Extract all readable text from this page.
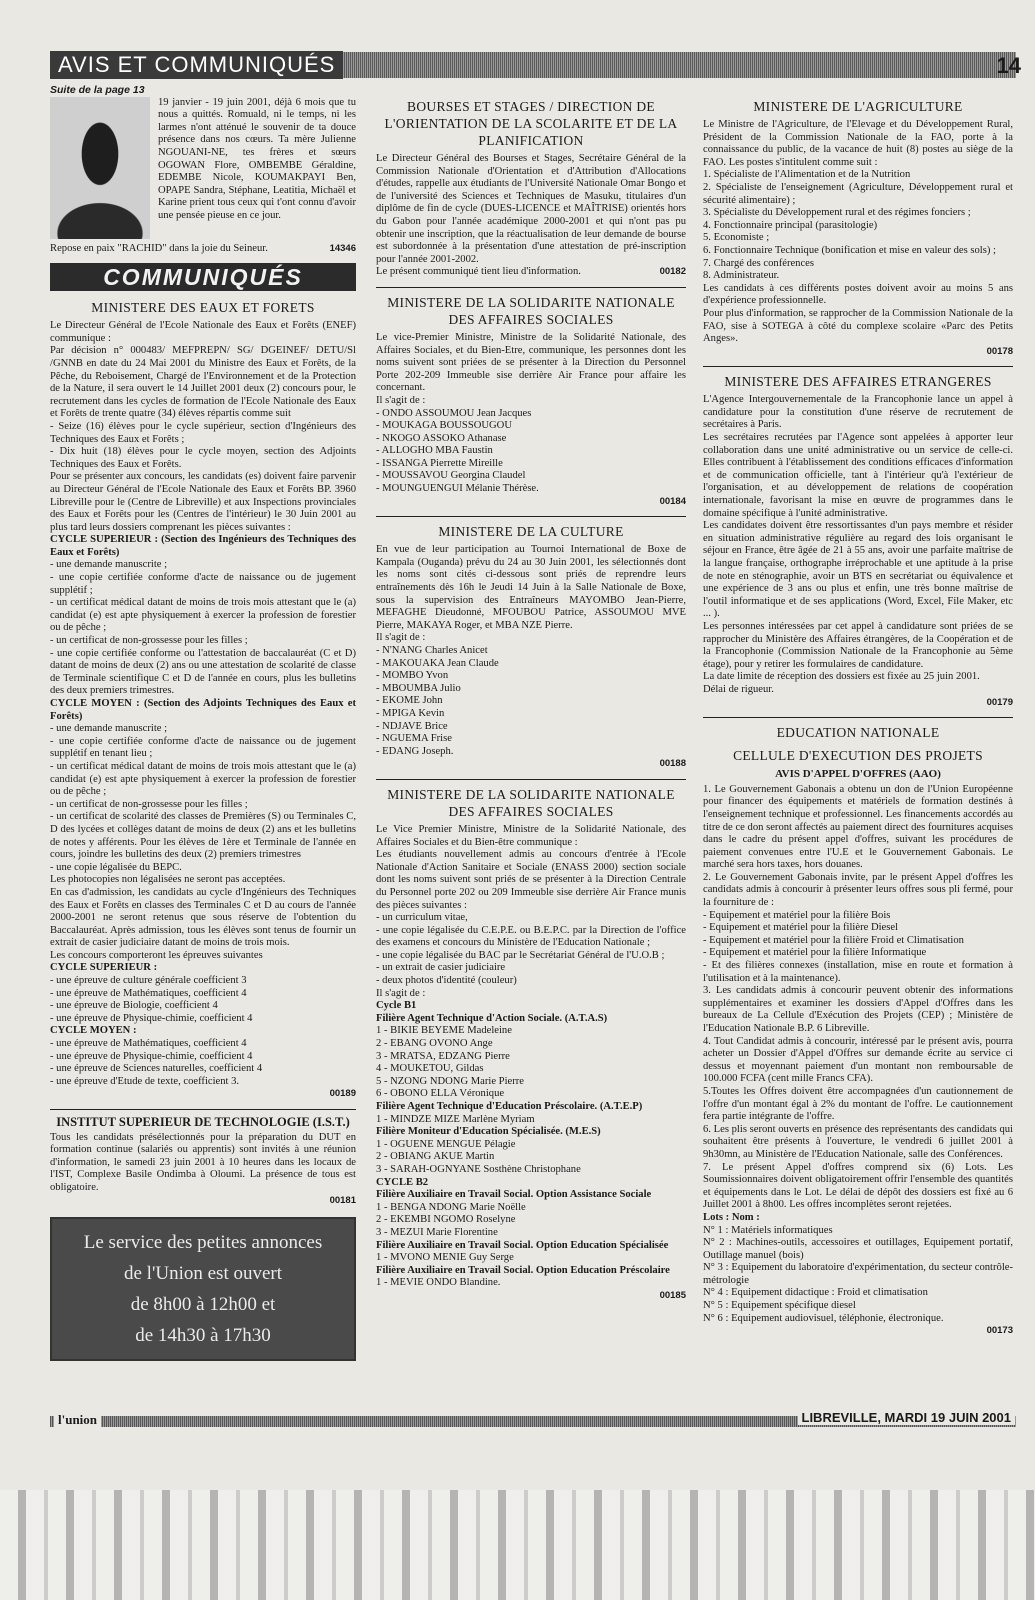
AVIS ET COMMUNIQUÉS	14

Suite de la page 13

19 janvier - 19 juin 2001, déjà 6 mois que tu nous a quittés. Romuald, ni le temps, ni les larmes n'ont atténué le souvenir de ta douce présence dans nos cœurs. Ta mère Julienne NGOUANI-NE, tes frères et sœurs OGOWAN Flore, OMBEMBE Géraldine, EDEMBE Nicole, KOUMAKPAYI Ben, OPAPE Sandra, Stéphane, Leatitia, Michaël et Karine prient tous ceux qui t'ont connu d'avoir une pensée pieuse en ce jour.

Repose en paix "RACHID" dans la joie du Seineur.	14346

COMMUNIQUÉS
MINISTERE DES EAUX ET FORETS

Le Directeur Général de l'Ecole Nationale des Eaux et Forêts (ENEF) communique :

Par décision n° 000483/ MEFPREPN/ SG/ DGEINEF/ DETU/Sl /GNNB en date du 24 Mai 2001 du Ministre des Eaux et Forêts, de la Pêche, du Reboisement, Chargé de l'Environnement et de la Protection de la Nature, il sera ouvert le 14 Juillet 2001 deux (2) concours pour, le recrutement dans les cycles de formation de l'Ecole Nationale des Eaux et Forêts de trente quatre (34) élèves répartis comme suit

- Seize (16) élèves pour le cycle supérieur, section d'Ingénieurs des Techniques des Eaux et Forêts ;

- Dix huit (18) élèves pour le cycle moyen, section des Adjoints Techniques des Eaux et Forêts.

Pour se présenter aux concours, les candidats (es) doivent faire parvenir au Directeur Général de l'Ecole Nationale des Eaux et Forêts BP. 3960 Libreville pour le (Centre de Libreville) et aux Inspections provinciales des Eaux et Forêts pour les (Centres de l'intérieur) le 30 Juin 2001 au plus tard leurs dossiers comprenant les pièces suivantes :

CYCLE SUPERIEUR : (Section des Ingénieurs des Techniques des Eaux et Forêts)

- une demande manuscrite ;

- une copie certifiée conforme d'acte de naissance ou de jugement supplétif ;

- un certificat médical datant de moins de trois mois attestant que le (a) candidat (e) est apte physiquement à exercer la profession de forestier ou de pêche ;

- un certificat de non-grossesse pour les filles ;

- une copie certifiée conforme ou l'attestation de baccalauréat (C et D) datant de moins de deux (2) ans ou une attestation de scolarité de classe de Terminale scientifique C et D de l'année en cours, plus les bulletins des deux premiers trimestres.

CYCLE MOYEN : (Section des Adjoints Techniques des Eaux et Forêts)

- une demande manuscrite ;

- une copie certifiée conforme d'acte de naissance ou de jugement supplétif en tenant lieu ;

- un certificat médical datant de moins de trois mois attestant que le (a) candidat (e) est apte physiquement à exercer la profession de forestier ou de pêche ;

- un certificat de non-grossesse pour les filles ;

- un certificat de scolarité des classes de Premières (S) ou Terminales C, D des lycées et collèges datant de moins de deux (2) ans et les bulletins de notes y afférents. Pour les élèves de 1ère et Terminale de l'année en cours, joindre les bulletins des deux (2) premiers trimestres

- une copie légalisée du BEPC.

Les photocopies non légalisées ne seront pas acceptées.

En cas d'admission, les candidats au cycle d'Ingénieurs des Techniques des Eaux et Forêts en classes des Terminales C et D au cours de l'année 2000-2001 ne seront retenus que sous réserve de l'obtention du Baccalauréat. Après admission, tous les élèves sont tenus de fournir un extrait de casier judiciaire datant de moins de trois mois.

Les concours comporteront les épreuves suivantes

CYCLE SUPERIEUR :

- une épreuve de culture générale coefficient 3

- une épreuve de Mathématiques, coefficient 4

- une épreuve de Biologie, coefficient 4

- une épreuve de Physique-chimie, coefficient 4

CYCLE MOYEN :

- une épreuve de Mathématiques, coefficient 4

- une épreuve de Physique-chimie, coefficient 4

- une épreuve de Sciences naturelles, coefficient 4

- une épreuve d'Etude de texte, coefficient 3.

00189
INSTITUT SUPERIEUR DE TECHNOLOGIE (I.S.T.)

Tous les candidats présélectionnés pour la préparation du DUT en formation continue (salariés ou apprentis) sont invités à une réunion d'information, le samedi 23 juin 2001 à 10 heures dans les locaux de l'IST, Complexe Basile Ondimba à Oloumi. La présence de tous est obligatoire.

00181

Le service des petites annonces

de l'Union est ouvert

de 8h00 à 12h00 et

de 14h30 à 17h30

BOURSES ET STAGES / DIRECTION DE L'ORIENTATION DE LA SCOLARITE ET DE LA PLANIFICATION

Le Directeur Général des Bourses et Stages, Secrétaire Général de la Commission Nationale d'Orientation et d'Attribution d'Allocations d'études, rappelle aux étudiants de l'Université Nationale Omar Bongo et de l'université des Sciences et Techniques de Masuku, titulaires d'un diplôme de fin de cycle (DUES-LICENCE et MAÎTRISE) orientés hors du Gabon pour l'année académique 2000-2001 et qui n'ont pas pu obtenir une inscription, que la réactualisation de leur demande de bourse est subordonnée à la présentation d'une attestation de pré-inscription pour l'année 2001-2002.

Le présent communiqué tient lieu d'information.	00182

MINISTERE DE LA SOLIDARITE NATIONALE DES AFFAIRES SOCIALES

Le vice-Premier Ministre, Ministre de la Solidarité Nationale, des Affaires Sociales, et du Bien-Etre, communique, les personnes dont les noms suivent sont priées de se présenter à la Direction du Personnel Porte 202-209 Immeuble sise derrière Air France pour affaire les concernant.

Il s'agit de :

- ONDO ASSOUMOU Jean Jacques

- MOUKAGA BOUSSOUGOU

- NKOGO ASSOKO Athanase

- ALLOGHO MBA Faustin

- ISSANGA Pierrette Mireille

- MOUSSAVOU Georgina Claudel

- MOUNGUENGUI Mélanie Thérèse.

00184
MINISTERE DE LA CULTURE

En vue de leur participation au Tournoi International de Boxe de Kampala (Ouganda) prévu du 24 au 30 Juin 2001, les sélectionnés dont les noms sont cités ci-dessous sont priés de reprendre leurs entraînements dès 16h le Jeudi 14 Juin à la Salle Nationale de Boxe, sous la supervision des Entraîneurs MAYOMBO Jean-Pierre, MEFAGHE Dieudonné, MFOUBOU Patrice, ASSOUMOU MVE Pierre, MAKAYA Roger, et MBA NZE Pierre.

Il s'agit de :

- N'NANG Charles Anicet

- MAKOUAKA Jean Claude

- MOMBO Yvon

- MBOUMBA Julio

- EKOME John

- MPIGA Kevin

- NDJAVE Brice

- NGUEMA Frise

- EDANG Joseph.

00188
MINISTERE DE LA SOLIDARITE NATIONALE DES AFFAIRES SOCIALES

Le Vice Premier Ministre, Ministre de la Solidarité Nationale, des Affaires Sociales et du Bien-être communique :

Les étudiants nouvellement admis au concours d'entrée à l'Ecole Nationale d'Action Sanitaire et Sociale (ENASS 2000) section sociale dont les noms suivent sont priés de se présenter à la Direction Centrale du Personnel porte 202 ou 209 Immeuble sise derrière Air France munis des pièces suivantes :

- un curriculum vitae,

- une copie légalisée du C.E.P.E. ou B.E.P.C. par la Direction de l'office des examens et concours du Ministère de l'Education Nationale ;

- une copie légalisée du BAC par le Secrétariat Général de l'U.O.B ;

- un extrait de casier judiciaire

- deux photos d'identité (couleur)

Il s'agit de :

Cycle B1

Filière Agent Technique d'Action Sociale. (A.T.A.S)

1 - BIKIE BEYEME Madeleine

2 - EBANG OVONO Ange

3 - MRATSA, EDZANG Pierre

4 - MOUKETOU, Gildas

5 - NZONG NDONG Marie Pierre

6 - OBONO ELLA Véronique

Filière Agent Technique d'Education Préscolaire. (A.T.E.P)

1 - MINDZE MIZE Marlène Myriam

Filière Moniteur d'Education Spécialisée. (M.E.S)

1 - OGUENE MENGUE Pélagie

2 - OBIANG AKUE Martin

3 - SARAH-OGNYANE Sosthène Christophane

CYCLE B2

Filière Auxiliaire en Travail Social. Option Assistance Sociale

1 - BENGA NDONG Marie Noëlle

2 - EKEMBI NGOMO Roselyne

3 - MEZUI Marie Florentine

Filière Auxiliaire en Travail Social. Option Education Spécialisée

1 - MVONO MENIE Guy Serge

Filière Auxiliaire en Travail Social. Option Education Préscolaire

1 - MEVIE ONDO Blandine.

00185
MINISTERE DE L'AGRICULTURE

Le Ministre de l'Agriculture, de l'Elevage et du Développement Rural, Président de la Commission Nationale de la FAO, porte à la connaissance du public, de la vacance de huit (8) postes au siège de la FAO. Les postes s'intitulent comme suit :

1. Spécialiste de l'Alimentation et de la Nutrition

2. Spécialiste de l'enseignement (Agriculture, Développement rural et sécurité alimentaire) ;

3. Spécialiste du Développement rural et des régimes fonciers ;

4. Fonctionnaire principal (parasitologie)

5. Economiste ;

6. Fonctionnaire Technique (bonification et mise en valeur des sols) ;

7. Chargé des conférences

8. Administrateur.

Les candidats à ces différents postes doivent avoir au moins 5 ans d'expérience professionnelle.

Pour plus d'information, se rapprocher de la Commission Nationale de la FAO, sise à SOTEGA à côté du complexe scolaire «Parc des Petits Anges».

00178
MINISTERE DES AFFAIRES ETRANGERES

L'Agence Intergouvernementale de la Francophonie lance un appel à candidature pour la constitution d'une réserve de recrutement de secrétaires à Paris.

Les secrétaires recrutées par l'Agence sont appelées à apporter leur collaboration dans une unité administrative ou un service de celle-ci. Elles contribuent à l'établissement des conditions efficaces d'information et de communication officielle, tant à l'intérieur qu'à l'extérieur de l'organisation, et au développement de relations de coopération internationale, favorisant la mise en œuvre de programmes dans le domaine spécifique à l'unité administrative.

Les candidates doivent être ressortissantes d'un pays membre et résider en situation administrative régulière au regard des lois organisant le séjour en France, être âgée de 21 à 55 ans, avoir une parfaite maîtrise de la langue française, orthographe irréprochable et une aptitude à la prise de note en sténographie, avoir un BTS en secrétariat ou équivalence et une expérience de 3 ans ou plus et enfin, une très bonne maîtrise de l'outil informatique et de ses applications (Word, Excel, File Maker, etc ... ).

Les personnes intéressées par cet appel à candidature sont priées de se rapprocher du Ministère des Affaires étrangères, de la Coopération et de la Francophonie (Commission Nationale de la Francophonie au 5ème étage), pour y retirer les formulaires de candidature.

La date limite de réception des dossiers est fixée au 25 juin 2001.

Délai de rigueur.

00179
EDUCATION NATIONALE
CELLULE D'EXECUTION DES PROJETS
AVIS D'APPEL D'OFFRES (AAO)

1. Le Gouvernement Gabonais a obtenu un don de l'Union Européenne pour financer des équipements et matériels de formation destinés à l'enseignement technique et professionnel. Les financements accordés au titre de ce don seront affectés au paiement direct des fournitures acquises dans le cadre du présent appel d'offres, suivant les procédures de paiement convenues entre l'U.E et le Gouvernement Gabonais. Le marché sera hors taxes, hors douanes.

2. Le Gouvernement Gabonais invite, par le présent Appel d'offres les candidats admis à concourir à présenter leurs offres sous pli fermé, pour la fourniture de :

- Equipement et matériel pour la filière Bois

- Equipement et matériel pour la filière Diesel

- Equipement et matériel pour la filière Froid et Climatisation

- Equipement et matériel pour la filière Informatique

- Et des filières connexes (installation, mise en route et formation à l'utilisation et à la maintenance).

3. Les candidats admis à concourir peuvent obtenir des informations supplémentaires et examiner les dossiers d'Appel d'Offres dans les bureaux de La Cellule d'Exécution des Projets (CEP) ; Ministère de l'Education Nationale B.P. 6 Libreville.

4. Tout Candidat admis à concourir, intéressé par le présent avis, pourra acheter un Dossier d'Appel d'Offres sur demande écrite au service ci dessus et moyennant paiement d'un montant non remboursable de 100.000 FCFA (cent mille Francs CFA).

5.Toutes les Offres doivent être accompagnées d'un cautionnement de l'offre d'un montant égal à 2% du montant de l'offre. Le cautionnement fera partie intégrante de l'offre.

6. Les plis seront ouverts en présence des représentants des candidats qui souhaitent être présents à l'ouverture, le vendredi 6 juillet 2001 à 9h30mn, au Ministère de l'Education Nationale, salle des Conférences.

7. Le présent Appel d'offres comprend six (6) Lots. Les Soumissionnaires doivent obligatoirement offrir l'ensemble des quantités et équipements dans le Lot. Le délai de dépôt des dossiers est fixé au 6 Juillet 2001 à 8h00. Les offres incomplètes seront rejetées.

Lots : Nom :

N° 1 : Matériels informatiques

N° 2 : Machines-outils, accessoires et outillages, Equipement portatif, Outillage manuel (bois)

N° 3 : Equipement du laboratoire d'expérimentation, du secteur contrôle-métrologie

N° 4 : Equipement didactique : Froid et climatisation

N° 5 : Equipement spécifique diesel

N° 6 : Equipement audiovisuel, téléphonie, électronique.

00173
l'union	LIBREVILLE, MARDI 19 JUIN 2001
